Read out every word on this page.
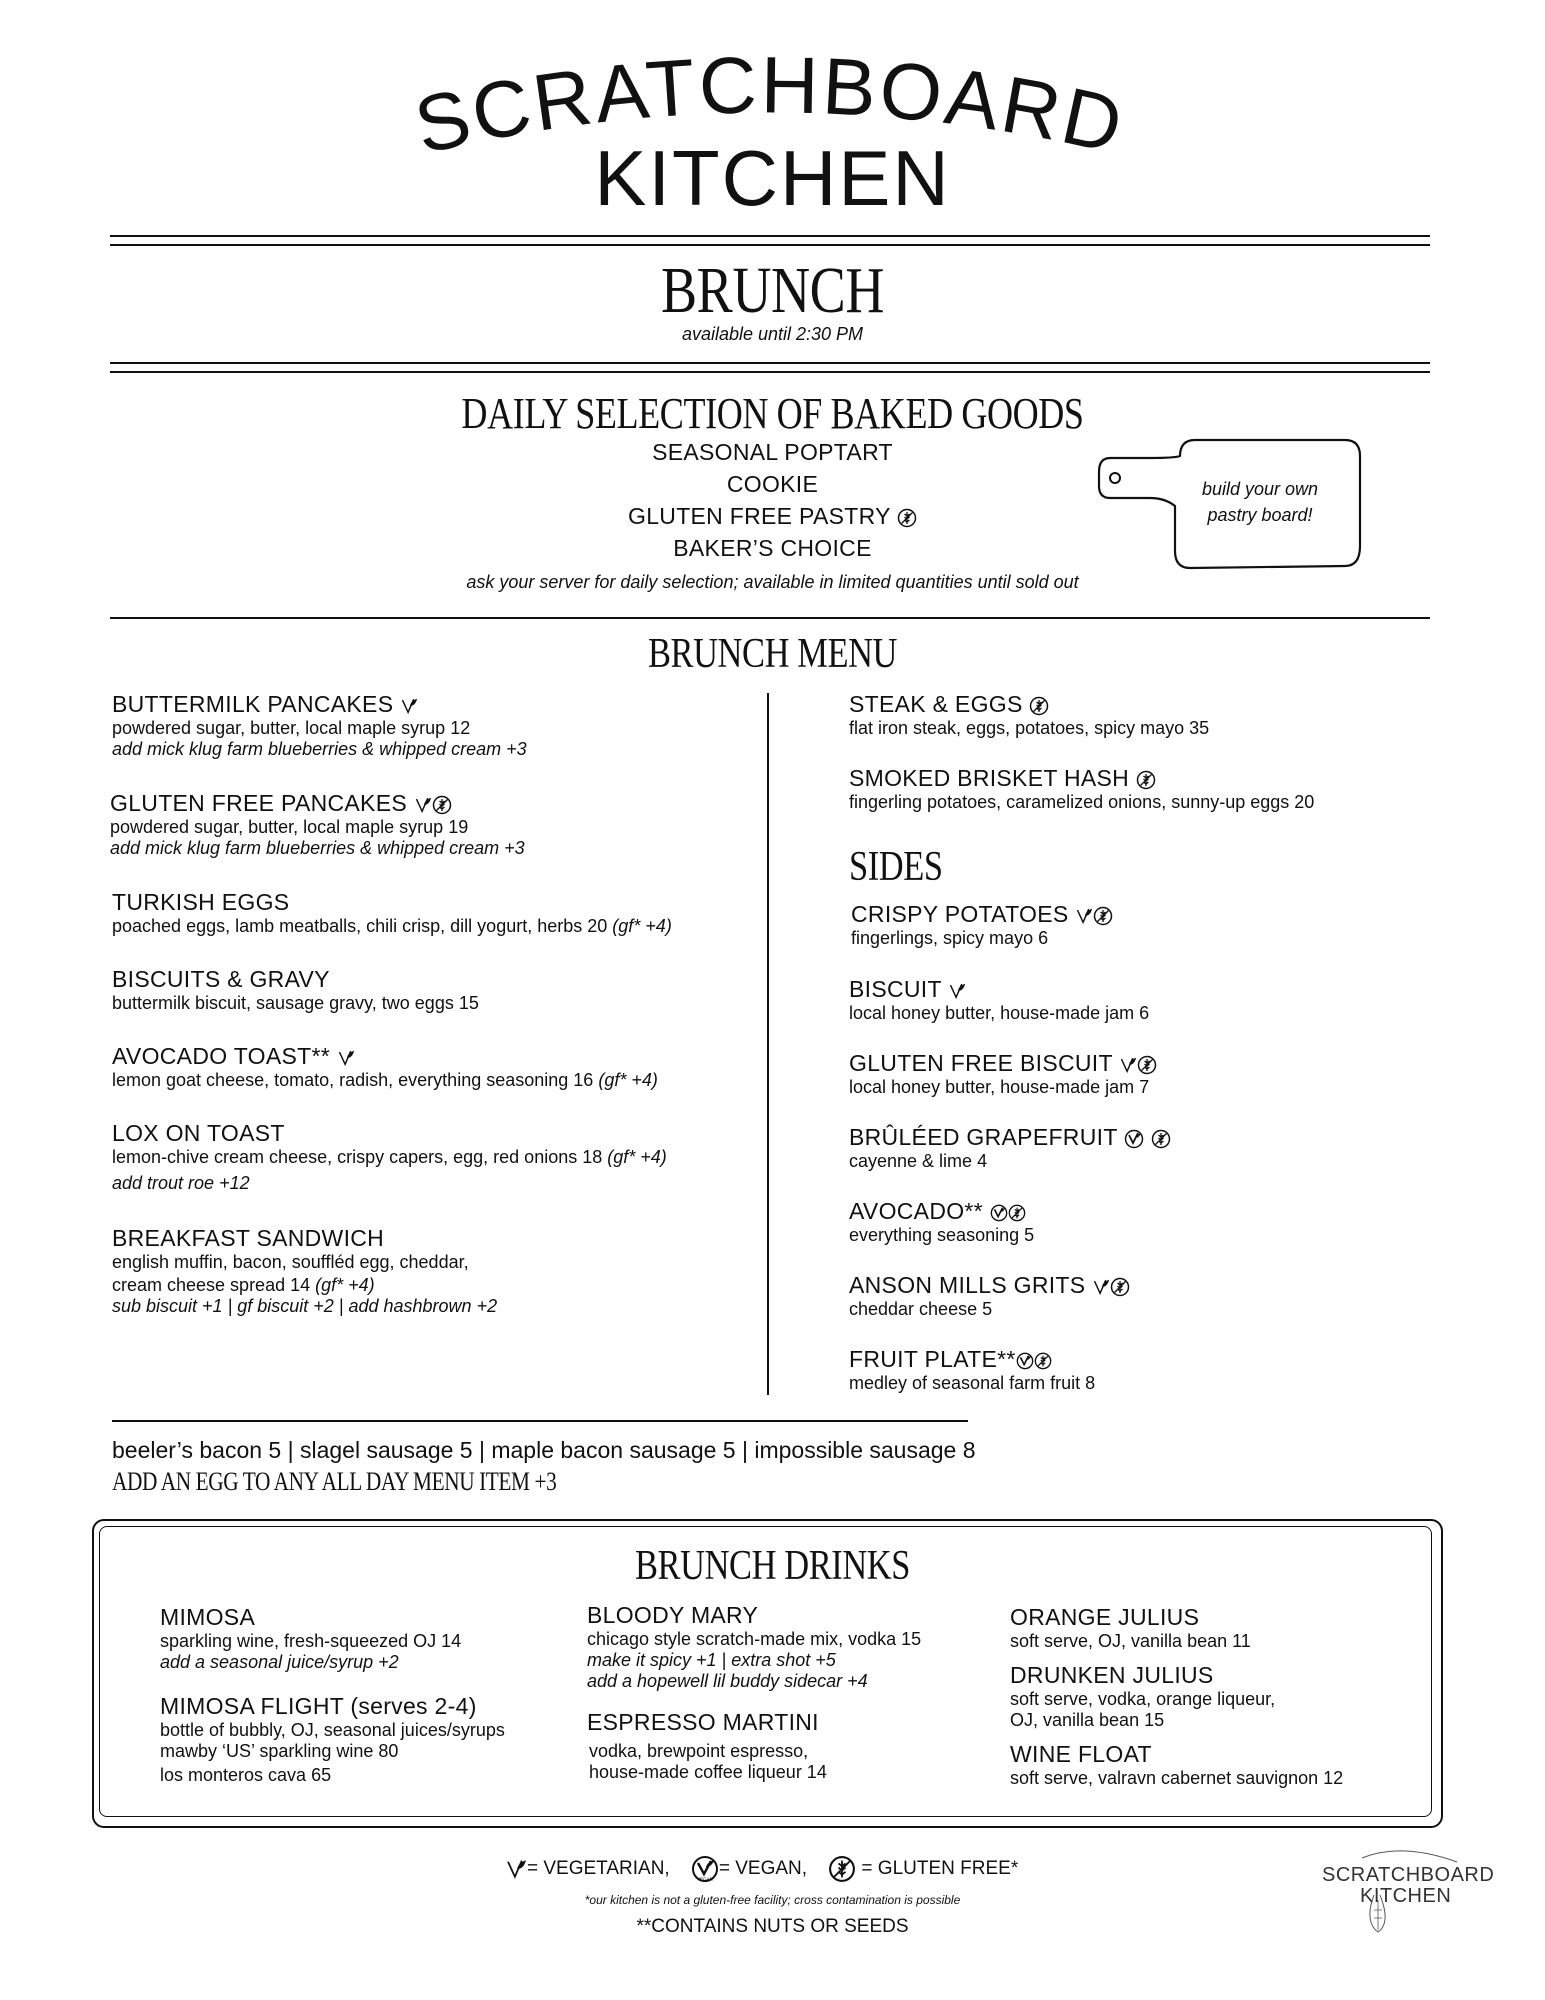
SCRATCHBOARD
KITCHEN
BRUNCH
available until 2:30 PM
DAILY SELECTION OF BAKED GOODS
SEASONAL POPTART
COOKIE
GLUTEN FREE PASTRY
BAKER’S CHOICE
ask your server for daily selection; available in limited quantities until sold out
build your own
pastry board!
BRUNCH MENU
BUTTERMILK PANCAKES
powdered sugar, butter, local maple syrup 12
add mick klug farm blueberries & whipped cream +3
GLUTEN FREE PANCAKES
powdered sugar, butter, local maple syrup 19
add mick klug farm blueberries & whipped cream +3
TURKISH EGGS
poached eggs, lamb meatballs, chili crisp, dill yogurt, herbs 20 (gf* +4)
BISCUITS & GRAVY
buttermilk biscuit, sausage gravy, two eggs 15
AVOCADO TOAST**
lemon goat cheese, tomato, radish, everything seasoning 16 (gf* +4)
LOX ON TOAST
lemon-chive cream cheese, crispy capers, egg, red onions 18 (gf* +4)
add trout roe +12
BREAKFAST SANDWICH
english muffin, bacon, souffléd egg, cheddar,
cream cheese spread 14 (gf* +4)
sub biscuit +1 | gf biscuit +2 | add hashbrown +2
STEAK & EGGS
flat iron steak, eggs, potatoes, spicy mayo 35
SMOKED BRISKET HASH
fingerling potatoes, caramelized onions, sunny-up eggs 20
SIDES
CRISPY POTATOES
fingerlings, spicy mayo 6
BISCUIT
local honey butter, house-made jam 6
GLUTEN FREE BISCUIT
local honey butter, house-made jam 7
BRÛLÉED GRAPEFRUIT
cayenne & lime 4
AVOCADO**
everything seasoning 5
ANSON MILLS GRITS
cheddar cheese 5
FRUIT PLATE**
medley of seasonal farm fruit 8
beeler’s bacon 5 | slagel sausage 5 | maple bacon sausage 5 | impossible sausage 8
ADD AN EGG TO ANY ALL DAY MENU ITEM +3
BRUNCH DRINKS
MIMOSA
sparkling wine, fresh-squeezed OJ 14
add a seasonal juice/syrup +2
MIMOSA FLIGHT (serves 2-4)
bottle of bubbly, OJ, seasonal juices/syrups
mawby ‘US’ sparkling wine 80
los monteros cava 65
BLOODY MARY
chicago style scratch-made mix, vodka 15
make it spicy +1 | extra shot +5
add a hopewell lil buddy sidecar +4
ESPRESSO MARTINI
vodka, brewpoint espresso,
house-made coffee liqueur 14
ORANGE JULIUS
soft serve, OJ, vanilla bean 11
DRUNKEN JULIUS
soft serve, vodka, orange liqueur,
OJ, vanilla bean 15
WINE FLOAT
soft serve, valravn cabernet sauvignon 12
= VEGETARIAN,	VEGAN = VEGAN,	= GLUTEN FREE*
*our kitchen is not a gluten-free facility; cross contamination is possible
**CONTAINS NUTS OR SEEDS
SCRATCHBOARD
KITCHEN
